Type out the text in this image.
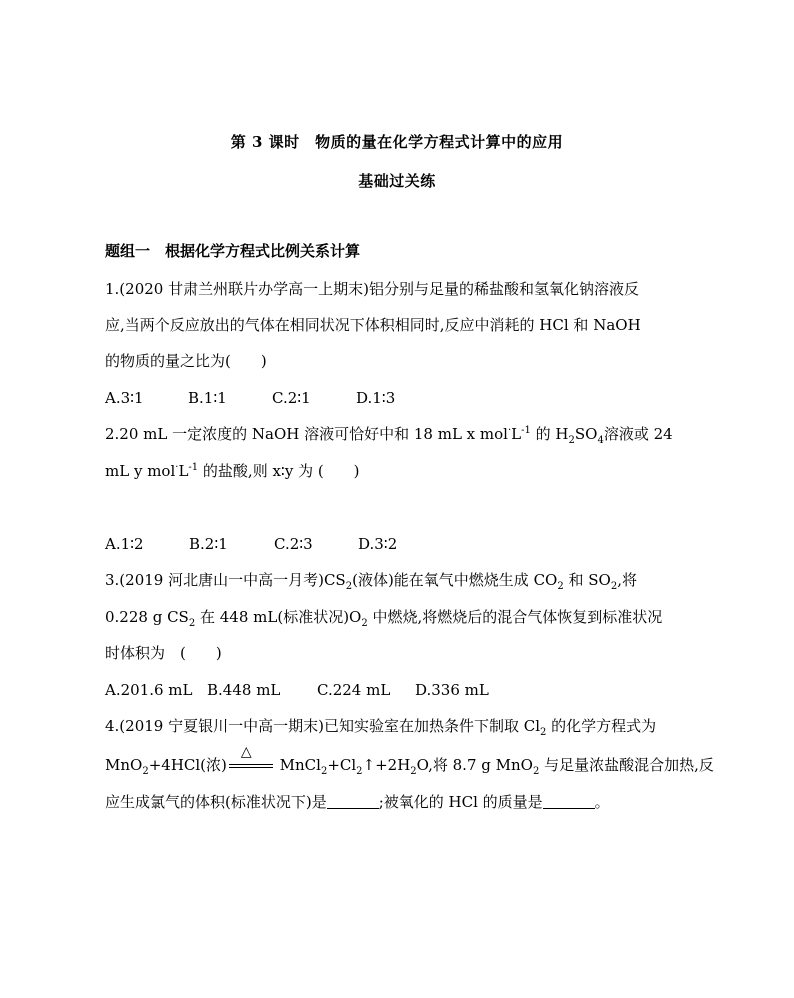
第 3 课时　物质的量在化学方程式计算中的应用
基础过关练
题组一　根据化学方程式比例关系计算
1.(2020 甘肃兰州联片办学高一上期末)铝分别与足量的稀盐酸和氢氧化钠溶液反
应,当两个反应放出的气体在相同状况下体积相同时,反应中消耗的 HCl 和 NaOH
的物质的量之比为(　　)
A.3∶1	B.1∶1	C.2∶1	D.1∶3
2.20 mL 一定浓度的 NaOH 溶液可恰好中和 18 mL x $mol^\cdot L^{-1}$ 的 $H_2SO_4$溶液或 24
mL y $mol^\cdot L^{-1}$ 的盐酸,则 x∶y 为 (　　)
A.1∶2	B.2∶1	C.2∶3	D.3∶2
3.(2019 河北唐山一中高一月考)$CS_2$(液体)能在氧气中燃烧生成 $CO_2$ 和 $SO_2$,将
0.228 g $CS_2$ 在 448 mL(标准状况)$O_2$ 中燃烧,将燃烧后的混合气体恢复到标准状况
时体积为　(　　)
A.201.6 mL B.448 mL C.224 mL D.336 mL
4.(2019 宁夏银川一中高一期末)已知实验室在加热条件下制取 $Cl_2$ 的化学方程式为
MnO$_2$+4HCl(浓)
△
$MnCl_2+Cl_2↑+2H_2O$,将 8.7 g MnO$_2$ 与足量浓盐酸混合加热,反
应生成氯气的体积(标准状况下)是	;被氧化的 HCl 的质量是	。
